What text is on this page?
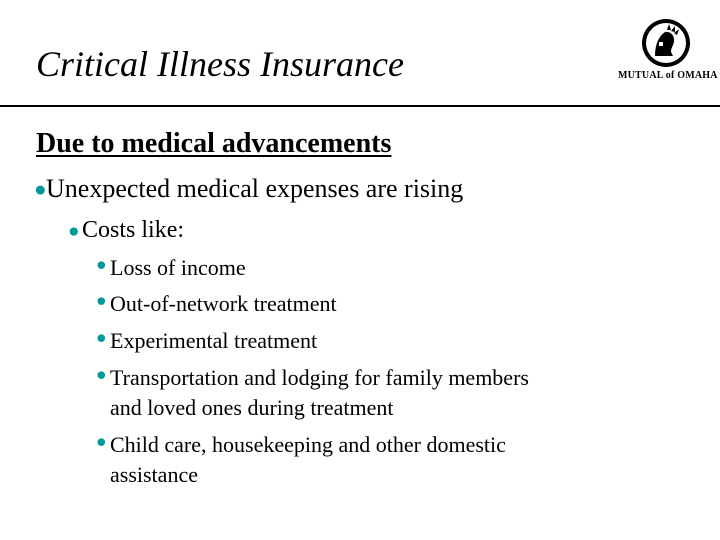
Critical Illness Insurance	MUTUAL of OMAHA
Due to medical advancements
● Unexpected medical expenses are rising
● Costs like:
● Loss of income
● Out-of-network treatment
● Experimental treatment
● Transportation and lodging for family members
and loved ones during treatment
● Child care, housekeeping and other domestic
assistance
